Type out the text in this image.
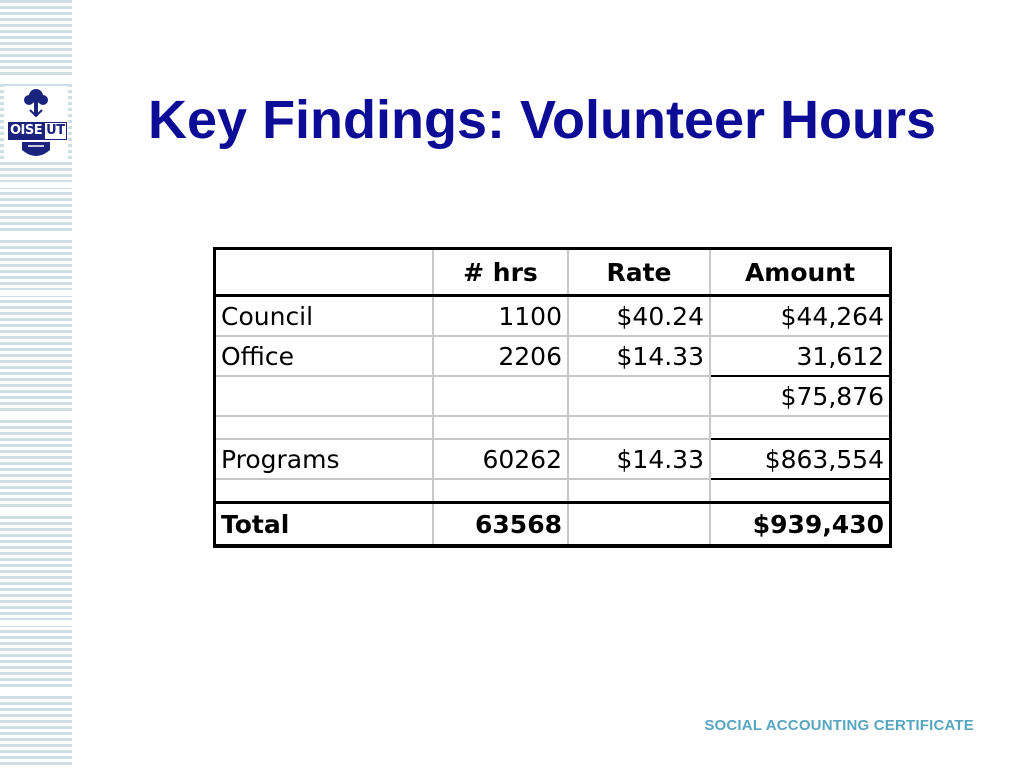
OISE UT Key Findings: Volunteer Hours
	# hrs	Rate	Amount
Council	1100	$40.24	$44,264
Office	2206	$14.33	31,612
			$75,876

Programs	60262	$14.33	$863,554

Total	63568		$939,430
SOCIAL ACCOUNTING CERTIFICATE
